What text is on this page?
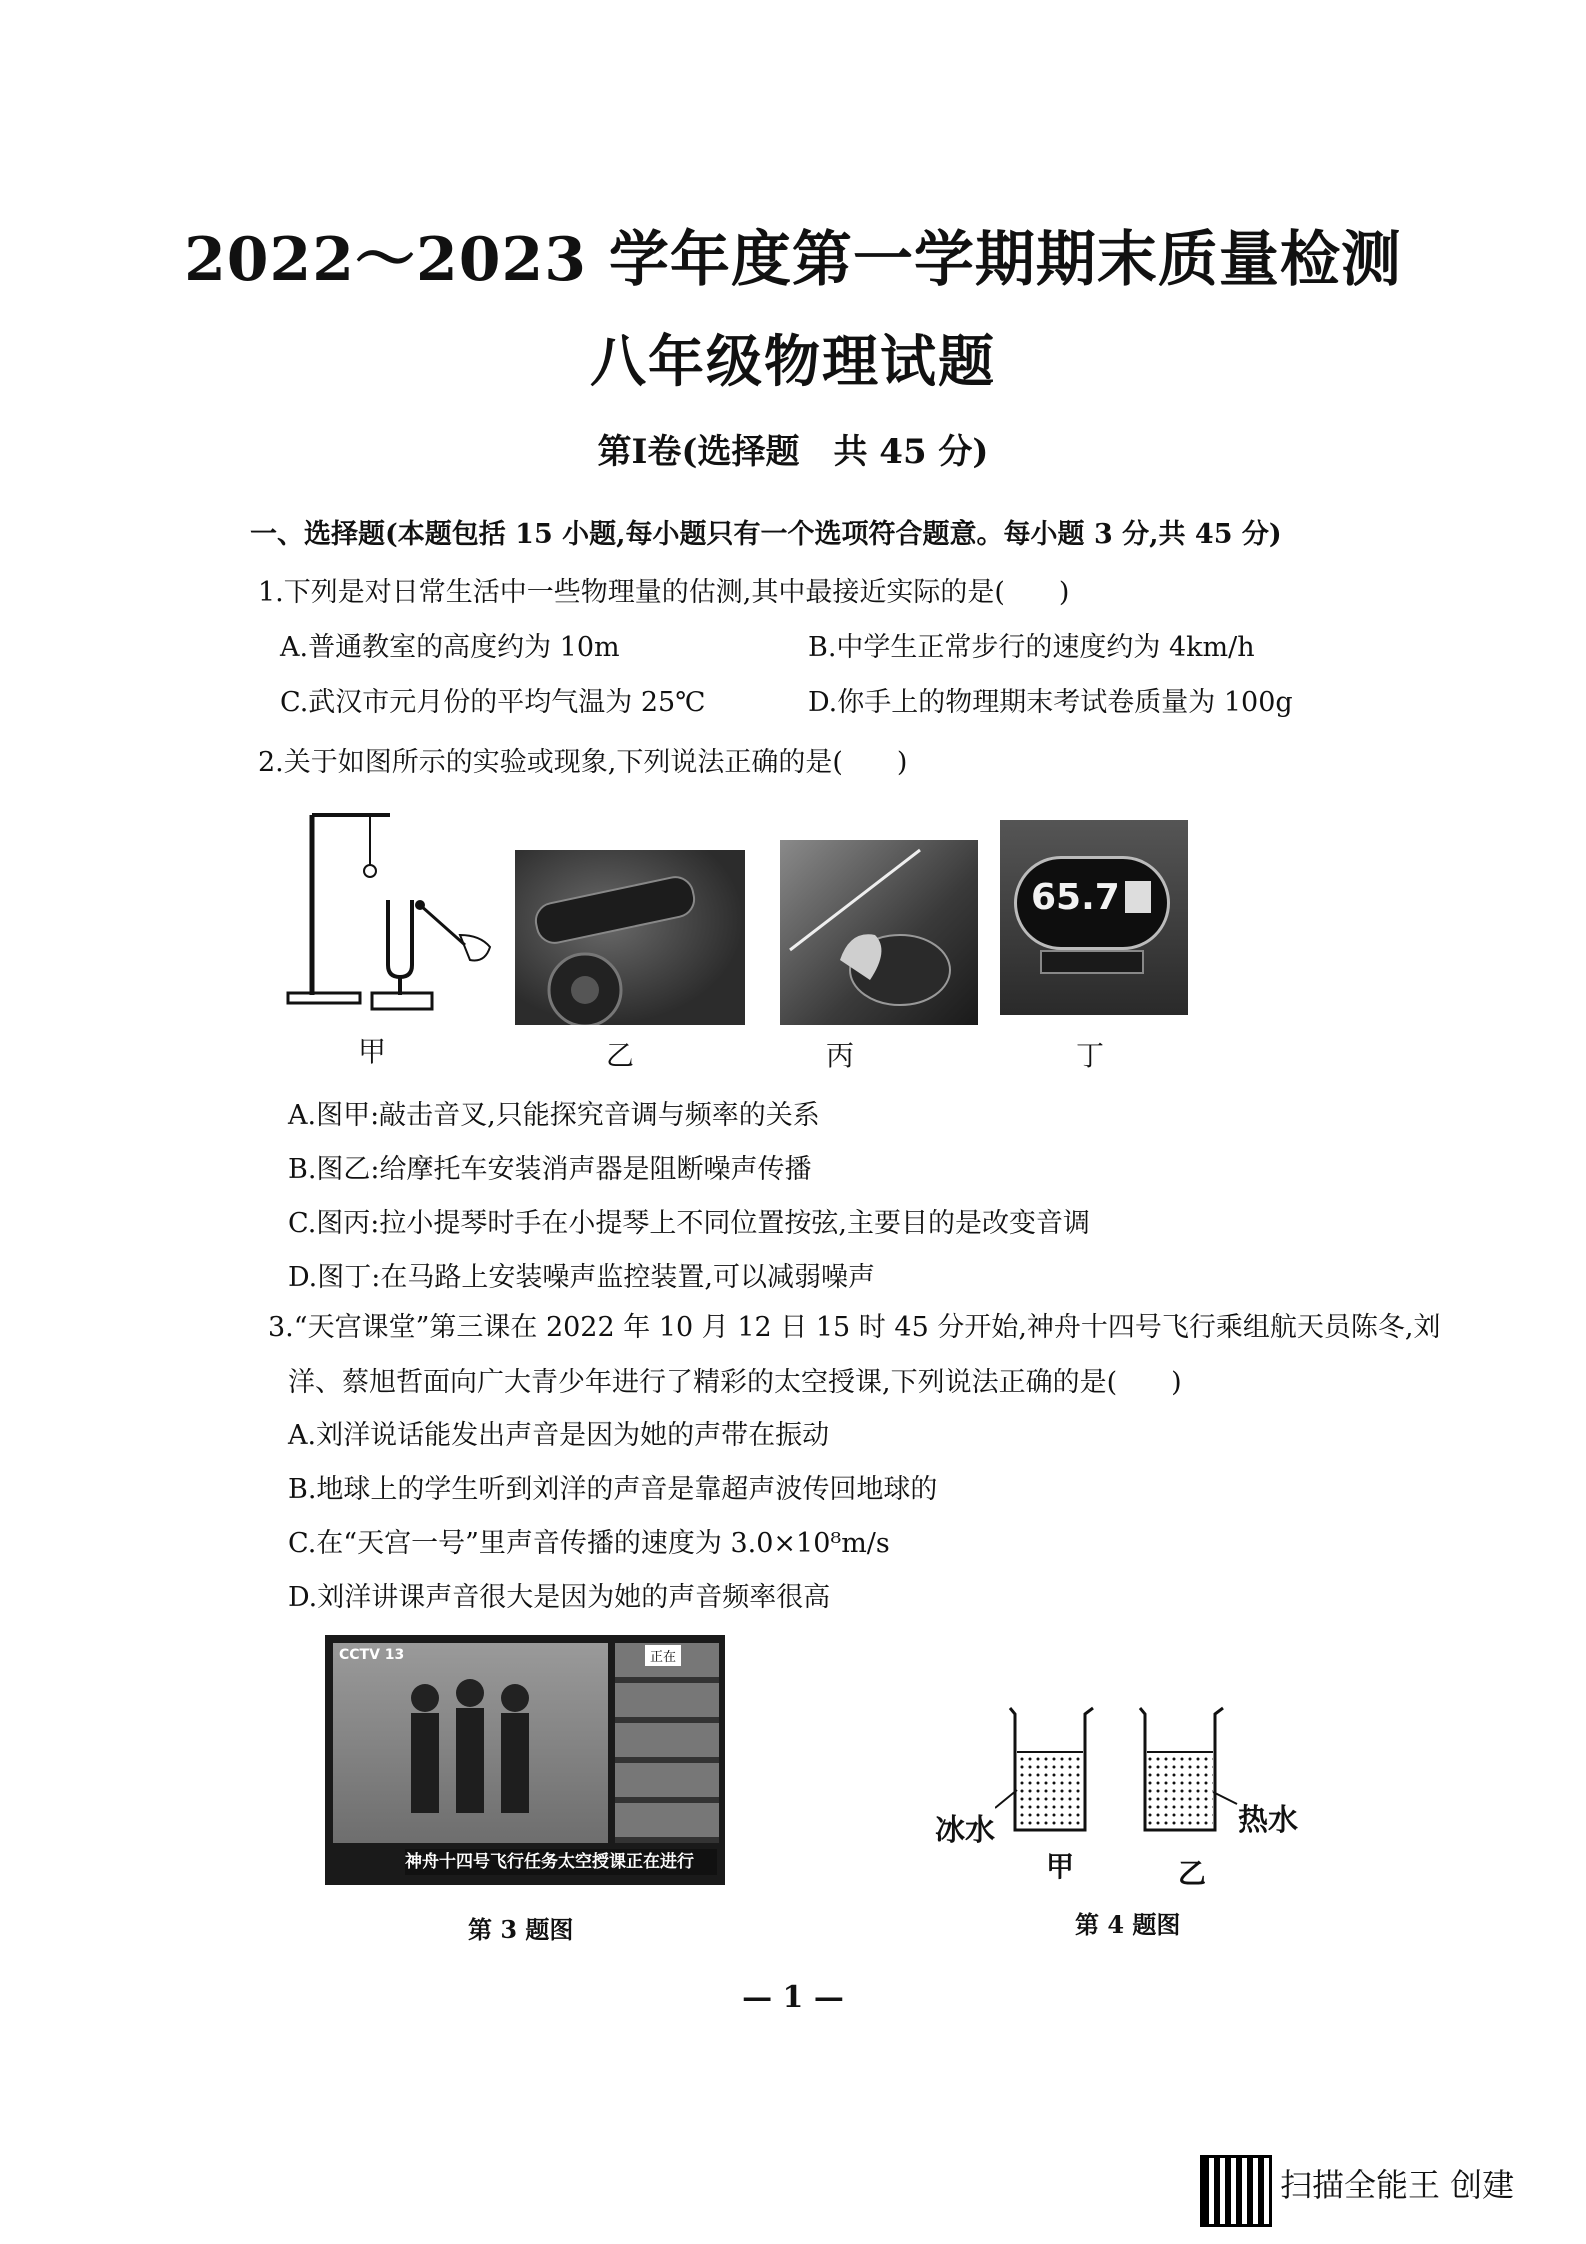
2022～2023 学年度第一学期期末质量检测
八年级物理试题
第Ⅰ卷(选择题　共 45 分)
一、选择题(本题包括 15 小题,每小题只有一个选项符合题意。每小题 3 分,共 45 分)
1.下列是对日常生活中一些物理量的估测,其中最接近实际的是(　　)
A.普通教室的高度约为 10m	B.中学生正常步行的速度约为 4km/h
C.武汉市元月份的平均气温为 25℃	D.你手上的物理期末考试卷质量为 100g
2.关于如图所示的实验或现象,下列说法正确的是(　　)
65.7
甲	乙	丙	丁
A.图甲:敲击音叉,只能探究音调与频率的关系
B.图乙:给摩托车安装消声器是阻断噪声传播
C.图丙:拉小提琴时手在小提琴上不同位置按弦,主要目的是改变音调
D.图丁:在马路上安装噪声监控装置,可以减弱噪声
3.“天宫课堂”第三课在 2022 年 10 月 12 日 15 时 45 分开始,神舟十四号飞行乘组航天员陈冬,刘
洋、蔡旭哲面向广大青少年进行了精彩的太空授课,下列说法正确的是(　　)
A.刘洋说话能发出声音是因为她的声带在振动
B.地球上的学生听到刘洋的声音是靠超声波传回地球的
C.在“天宫一号”里声音传播的速度为 3.0×10⁸m/s
D.刘洋讲课声音很大是因为她的声音频率很高
CCTV 13	正在
神舟十四号飞行任务太空授课正在进行
第 3 题图
冰水	热水
甲	乙
第 4 题图
— 1 —
扫描全能王 创建
